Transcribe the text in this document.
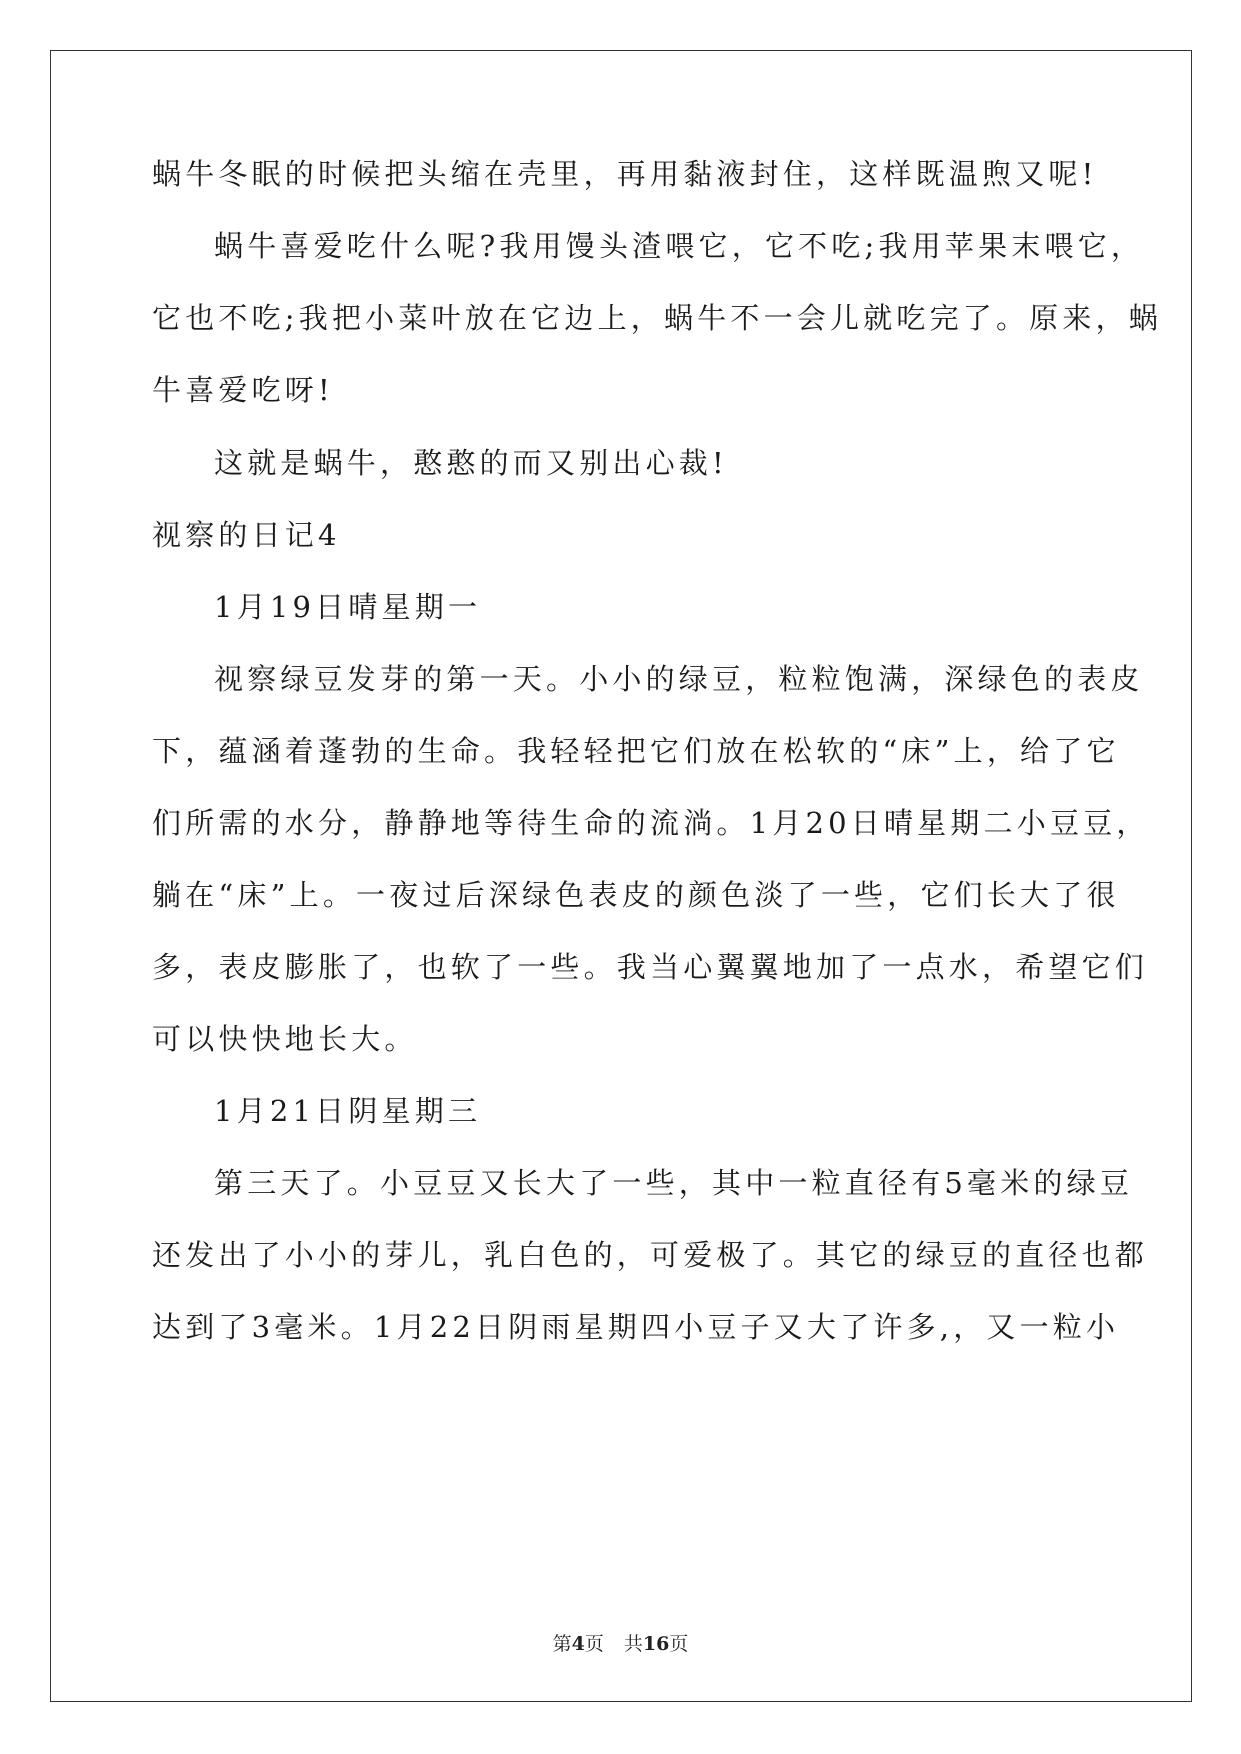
蜗牛冬眠的时候把头缩在壳里，再用黏液封住，这样既温煦又呢!
蜗牛喜爱吃什么呢?我用馒头渣喂它，它不吃;我用苹果末喂它，
它也不吃;我把小菜叶放在它边上，蜗牛不一会儿就吃完了。原来，蜗
牛喜爱吃呀!
这就是蜗牛，憨憨的而又别出心裁!
视察的日记4
1月19日晴星期一
视察绿豆发芽的第一天。小小的绿豆，粒粒饱满，深绿色的表皮
下，蕴涵着蓬勃的生命。我轻轻把它们放在松软的“床”上，给了它
们所需的水分，静静地等待生命的流淌。1月20日晴星期二小豆豆，
躺在“床”上。一夜过后深绿色表皮的颜色淡了一些，它们长大了很
多，表皮膨胀了，也软了一些。我当心翼翼地加了一点水，希望它们
可以快快地长大。
1月21日阴星期三
第三天了。小豆豆又长大了一些，其中一粒直径有5毫米的绿豆
还发出了小小的芽儿，乳白色的，可爱极了。其它的绿豆的直径也都
达到了3毫米。1月22日阴雨星期四小豆子又大了许多,，又一粒小
第4页 共16页
